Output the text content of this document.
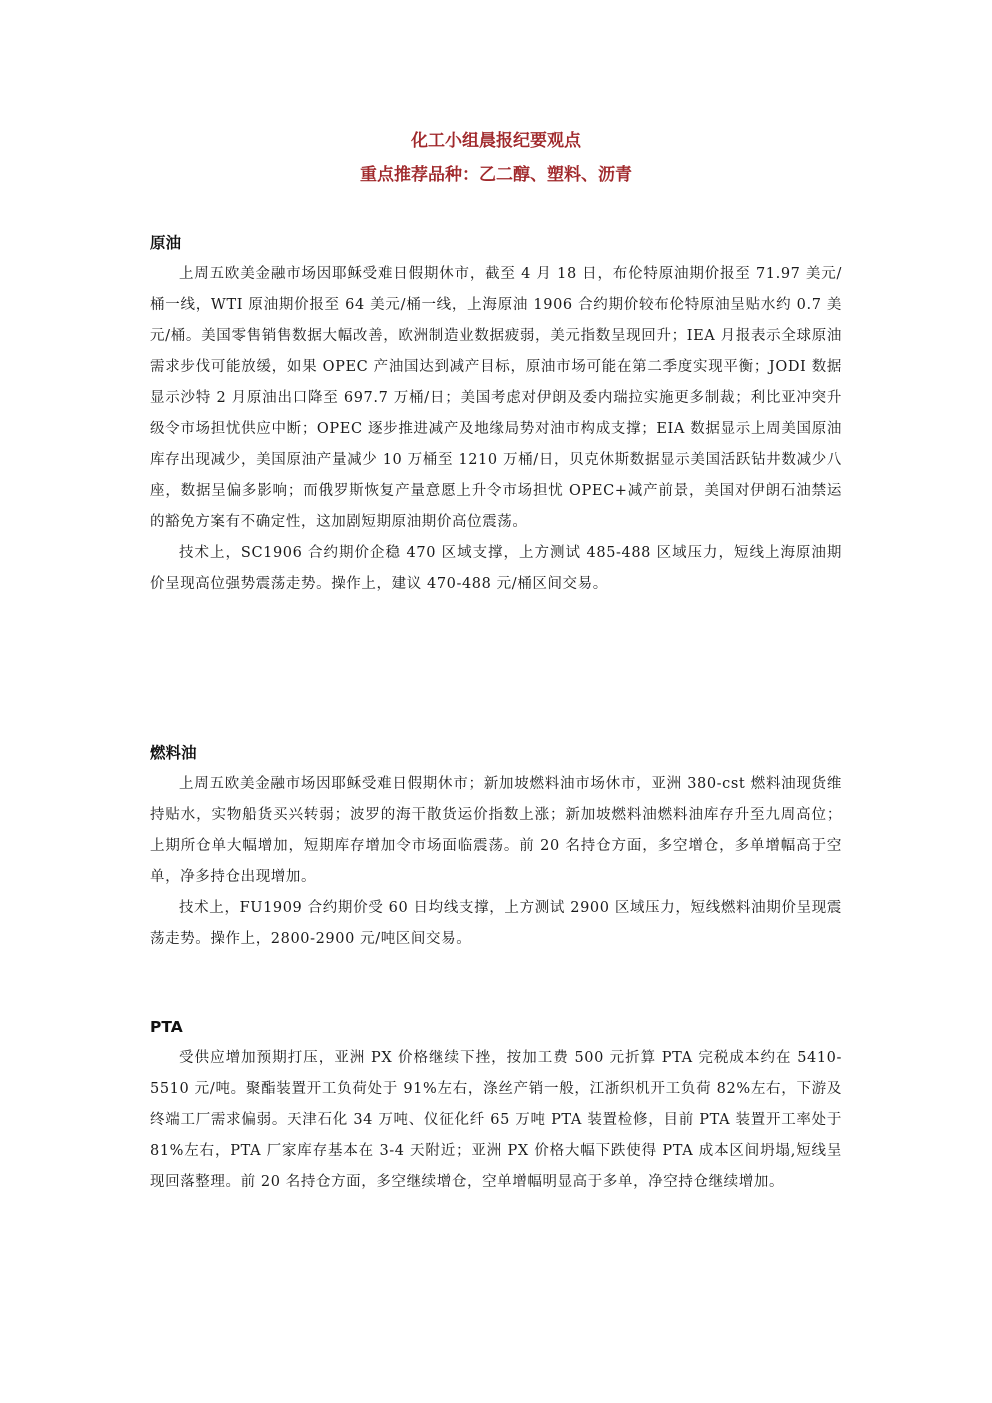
化工小组晨报纪要观点
重点推荐品种：乙二醇、塑料、沥青
原油

上周五欧美金融市场因耶稣受难日假期休市，截至 4 月 18 日，布伦特原油期价报至 71.97 美元/桶一线，WTI 原油期价报至 64 美元/桶一线，上海原油 1906 合约期价较布伦特原油呈贴水约 0.7 美元/桶。美国零售销售数据大幅改善，欧洲制造业数据疲弱，美元指数呈现回升；IEA 月报表示全球原油需求步伐可能放缓，如果 OPEC 产油国达到减产目标，原油市场可能在第二季度实现平衡；JODI 数据显示沙特 2 月原油出口降至 697.7 万桶/日；美国考虑对伊朗及委内瑞拉实施更多制裁；利比亚冲突升级令市场担忧供应中断；OPEC 逐步推进减产及地缘局势对油市构成支撑；EIA 数据显示上周美国原油库存出现减少，美国原油产量减少 10 万桶至 1210 万桶/日，贝克休斯数据显示美国活跃钻井数减少八座，数据呈偏多影响；而俄罗斯恢复产量意愿上升令市场担忧 OPEC+减产前景，美国对伊朗石油禁运的豁免方案有不确定性，这加剧短期原油期价高位震荡。

技术上，SC1906 合约期价企稳 470 区域支撑，上方测试 485-488 区域压力，短线上海原油期价呈现高位强势震荡走势。操作上，建议 470-488 元/桶区间交易。

燃料油

上周五欧美金融市场因耶稣受难日假期休市；新加坡燃料油市场休市，亚洲 380-cst 燃料油现货维持贴水，实物船货买兴转弱；波罗的海干散货运价指数上涨；新加坡燃料油燃料油库存升至九周高位；上期所仓单大幅增加，短期库存增加令市场面临震荡。前 20 名持仓方面，多空增仓，多单增幅高于空单，净多持仓出现增加。

技术上，FU1909 合约期价受 60 日均线支撑，上方测试 2900 区域压力，短线燃料油期价呈现震荡走势。操作上，2800-2900 元/吨区间交易。

PTA

受供应增加预期打压，亚洲 PX 价格继续下挫，按加工费 500 元折算 PTA 完税成本约在 5410-5510 元/吨。聚酯装置开工负荷处于 91%左右，涤丝产销一般，江浙织机开工负荷 82%左右，下游及终端工厂需求偏弱。天津石化 34 万吨、仪征化纤 65 万吨 PTA 装置检修，目前 PTA 装置开工率处于 81%左右，PTA 厂家库存基本在 3-4 天附近；亚洲 PX 价格大幅下跌使得 PTA 成本区间坍塌,短线呈现回落整理。前 20 名持仓方面，多空继续增仓，空单增幅明显高于多单，净空持仓继续增加。
